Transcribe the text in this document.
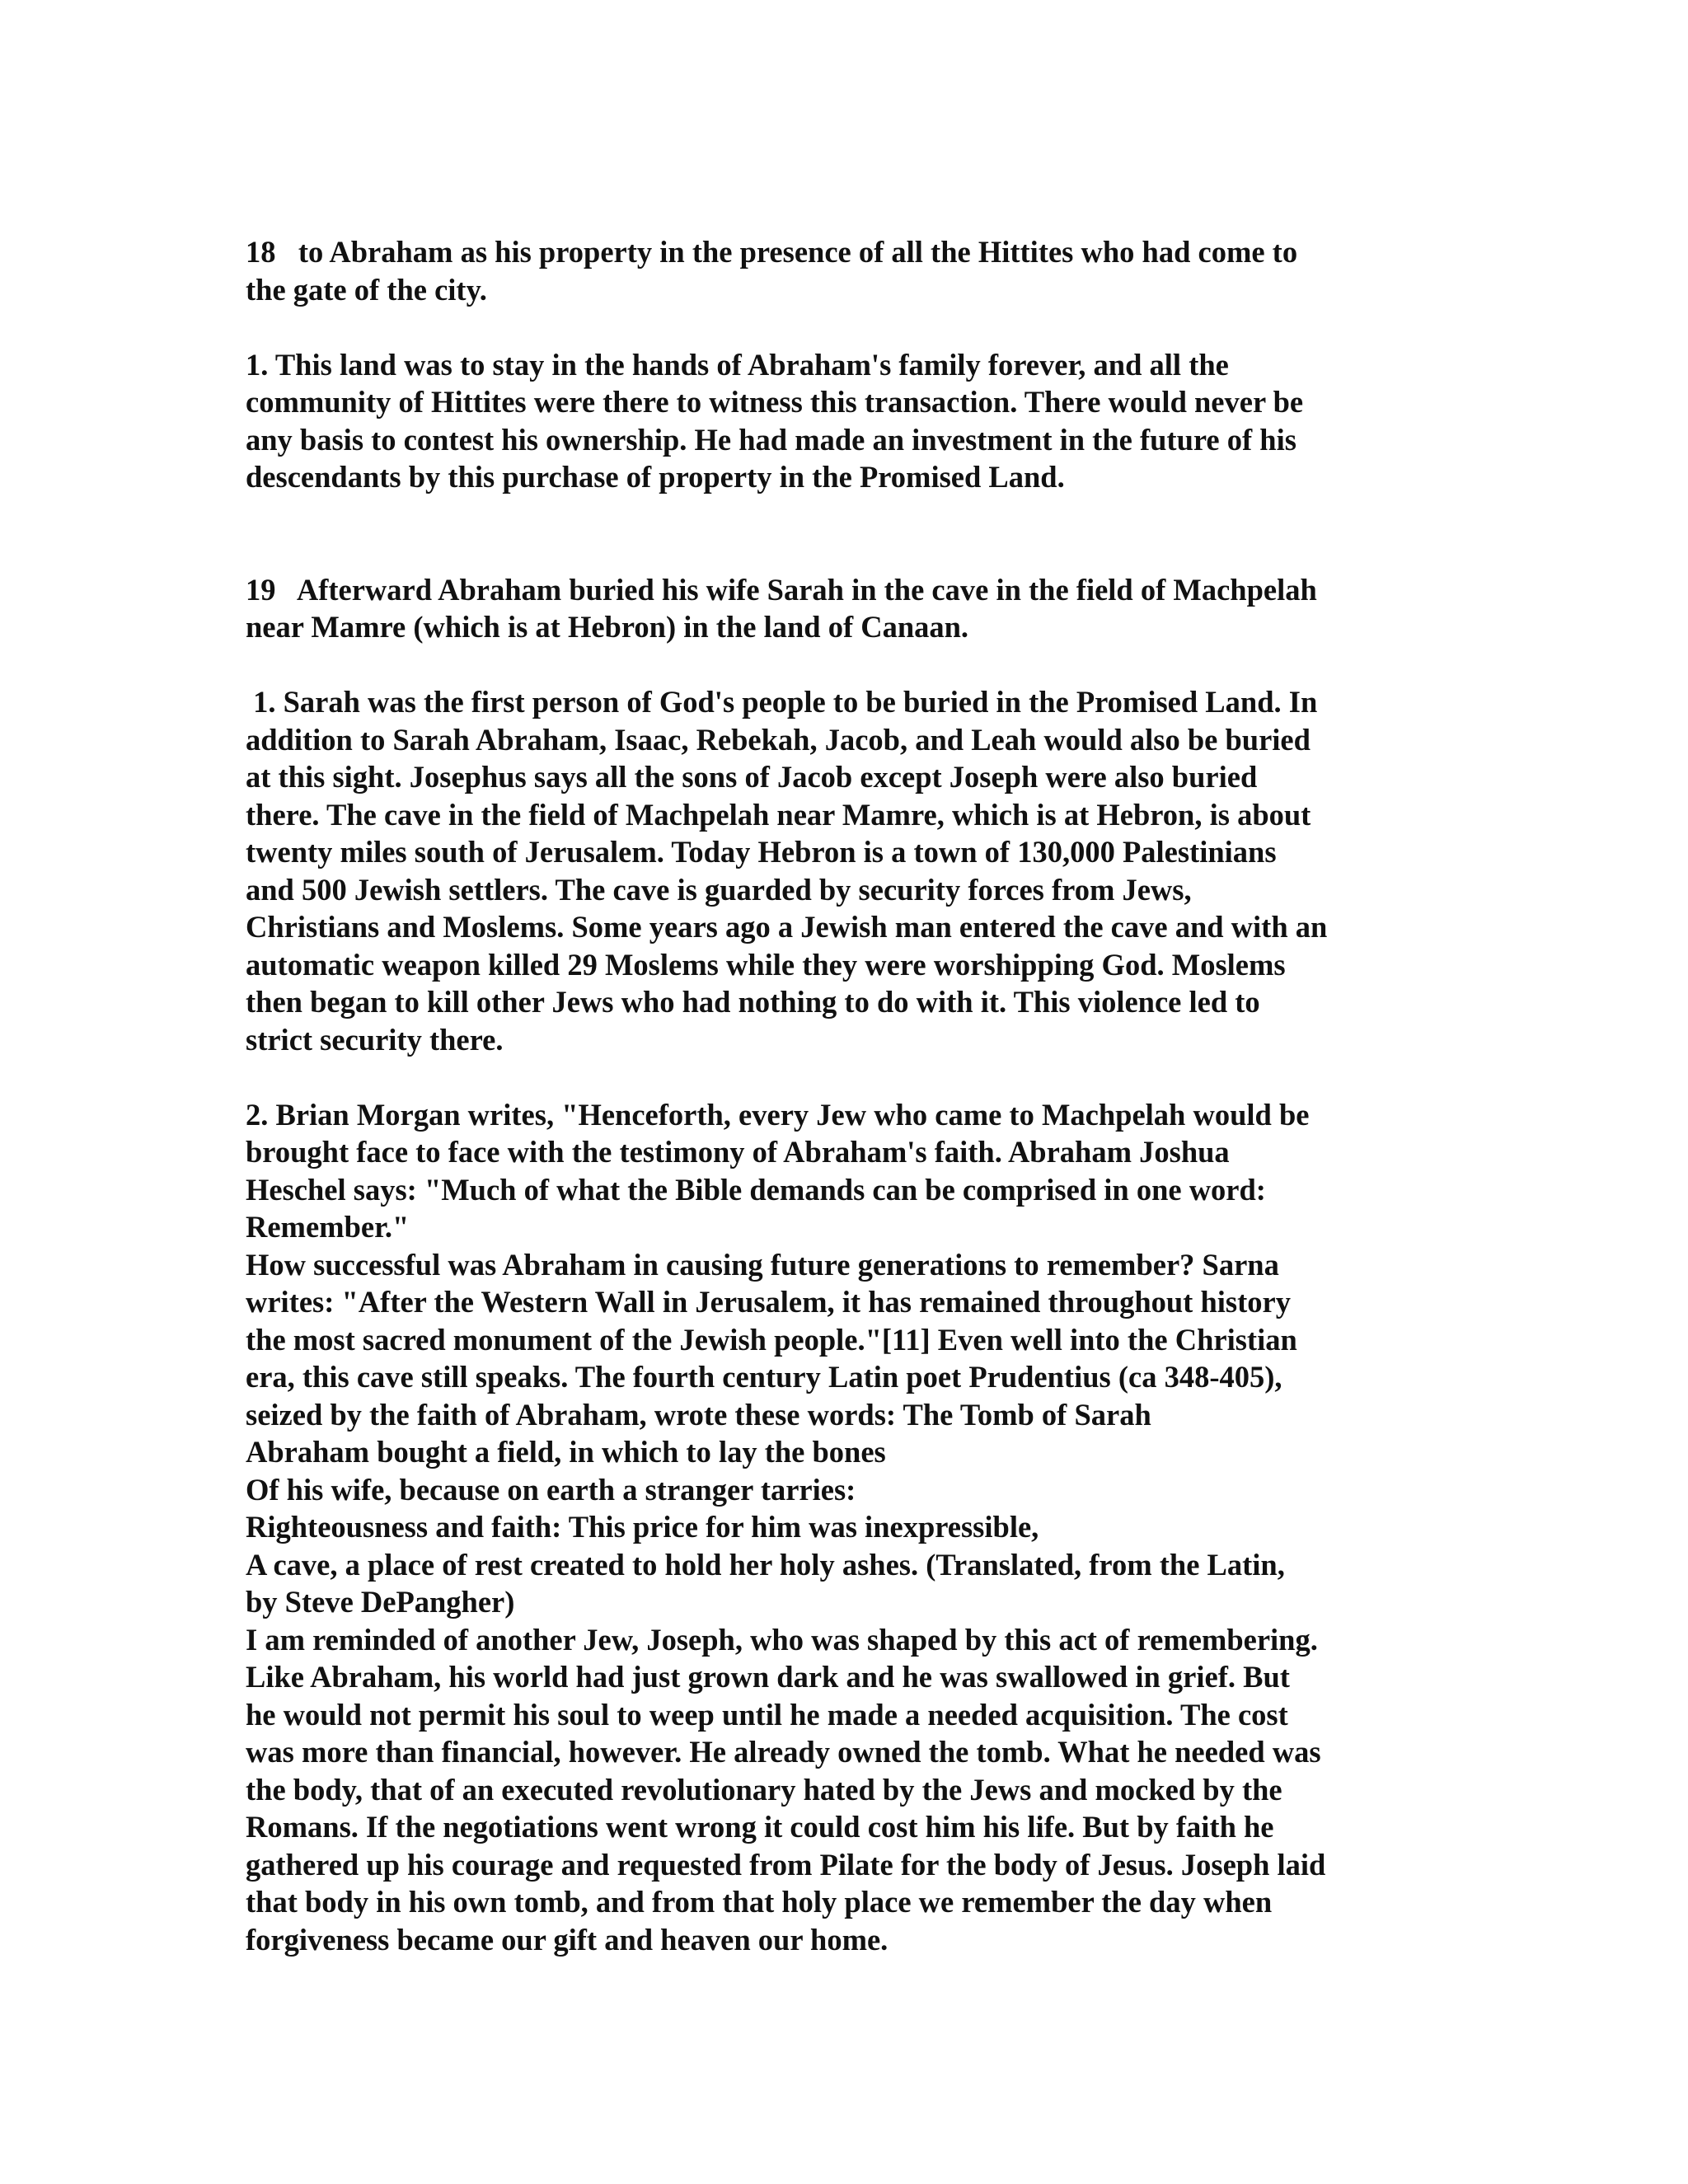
18   to Abraham as his property in the presence of all the Hittites who had come to
the gate of the city.
1. This land was to stay in the hands of Abraham's family forever, and all the
community of Hittites were there to witness this transaction. There would never be
any basis to contest his ownership. He had made an investment in the future of his
descendants by this purchase of property in the Promised Land.
19   Afterward Abraham buried his wife Sarah in the cave in the field of Machpelah
near Mamre (which is at Hebron) in the land of Canaan.
1. Sarah was the first person of God's people to be buried in the Promised Land. In
addition to Sarah Abraham, Isaac, Rebekah, Jacob, and Leah would also be buried
at this sight. Josephus says all the sons of Jacob except Joseph were also buried
there. The cave in the field of Machpelah near Mamre, which is at Hebron, is about
twenty miles south of Jerusalem. Today Hebron is a town of 130,000 Palestinians
and 500 Jewish settlers. The cave is guarded by security forces from Jews,
Christians and Moslems. Some years ago a Jewish man entered the cave and with an
automatic weapon killed 29 Moslems while they were worshipping God. Moslems
then began to kill other Jews who had nothing to do with it. This violence led to
strict security there.
2. Brian Morgan writes, "Henceforth, every Jew who came to Machpelah would be
brought face to face with the testimony of Abraham's faith. Abraham Joshua
Heschel says: "Much of what the Bible demands can be comprised in one word:
Remember."
How successful was Abraham in causing future generations to remember? Sarna
writes: "After the Western Wall in Jerusalem, it has remained throughout history
the most sacred monument of the Jewish people."[11] Even well into the Christian
era, this cave still speaks. The fourth century Latin poet Prudentius (ca 348-405),
seized by the faith of Abraham, wrote these words: The Tomb of Sarah
Abraham bought a field, in which to lay the bones
Of his wife, because on earth a stranger tarries:
Righteousness and faith: This price for him was inexpressible,
A cave, a place of rest created to hold her holy ashes. (Translated, from the Latin,
by Steve DePangher)
I am reminded of another Jew, Joseph, who was shaped by this act of remembering.
Like Abraham, his world had just grown dark and he was swallowed in grief. But
he would not permit his soul to weep until he made a needed acquisition. The cost
was more than financial, however. He already owned the tomb. What he needed was
the body, that of an executed revolutionary hated by the Jews and mocked by the
Romans. If the negotiations went wrong it could cost him his life. But by faith he
gathered up his courage and requested from Pilate for the body of Jesus. Joseph laid
that body in his own tomb, and from that holy place we remember the day when
forgiveness became our gift and heaven our home.
